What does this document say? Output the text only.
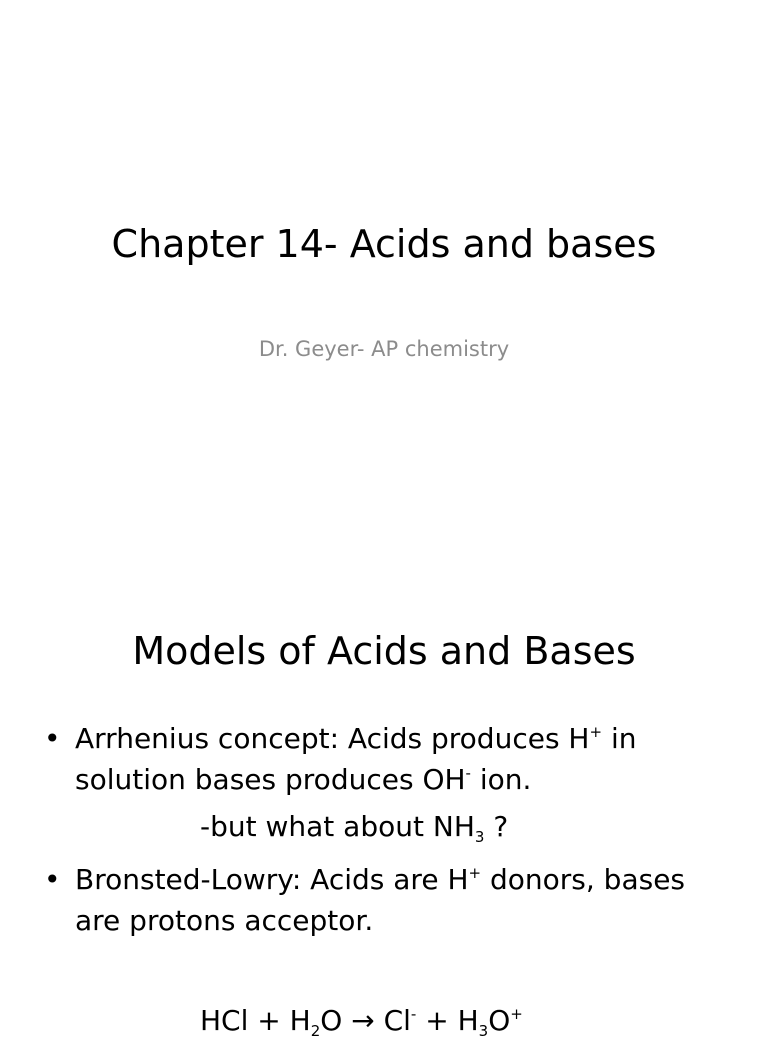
Chapter 14- Acids and bases
Dr. Geyer- AP chemistry
Models of Acids and Bases
• Arrhenius concept: Acids produces H+ in
solution bases produces OH- ion.
-but what about $NH_3$ ?
• Bronsted-Lowry: Acids are H+ donors, bases
are protons acceptor.
HCl + $H_2O \to Cl^- + H_3O^+$
